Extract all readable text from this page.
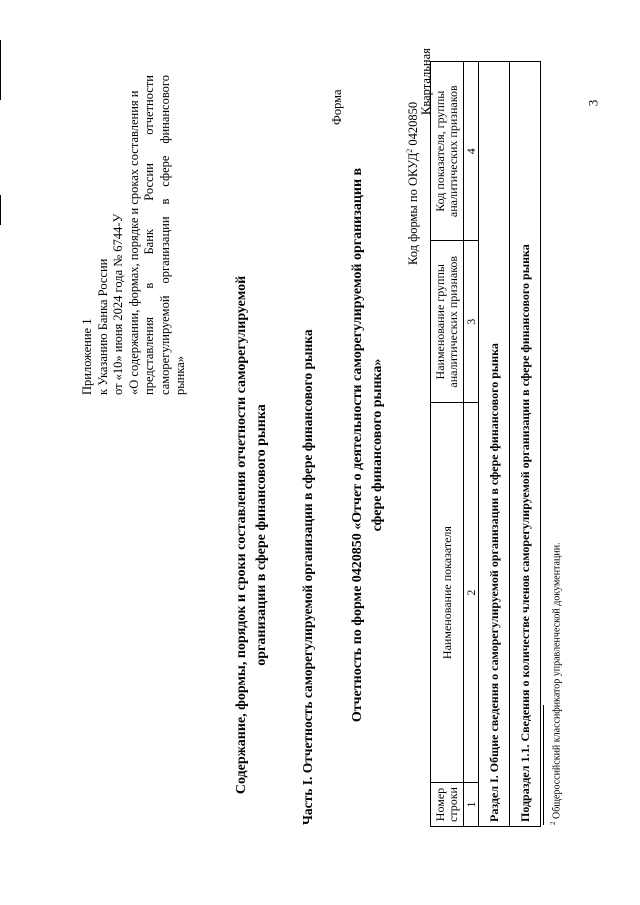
3
Приложение 1 к Указанию Банка России от «10» июня 2024 года № 6744-У «О содержании, формах, порядке и сроках составления и представления в Банк России отчетности саморегулируемой организации в сфере финансового рынка»	Содержание, формы, порядок и сроки составления отчетности саморегулируемой организации в сфере финансового рынка
Форма
Часть I. Отчетность саморегулируемой организации в сфере финансового рынка	Отчетность по форме 0420850 «Отчет о деятельности саморегулируемой организации в сфере финансового рынка»
Код формы по ОКУД$^2$ 0420850
Квартальная
Номер строки	Наименование показателя	Наименование группы аналитических признаков	Код показателя, группы аналитических признаков
1	2	3	4
Раздел I. Общие сведения о саморегулируемой организации в сфере финансового рынка			
Подраздел 1.1. Сведения о количестве членов саморегулируемой организации в сфере финансового рынка			
$^2$ Общероссийский классификатор управленческой документации.
